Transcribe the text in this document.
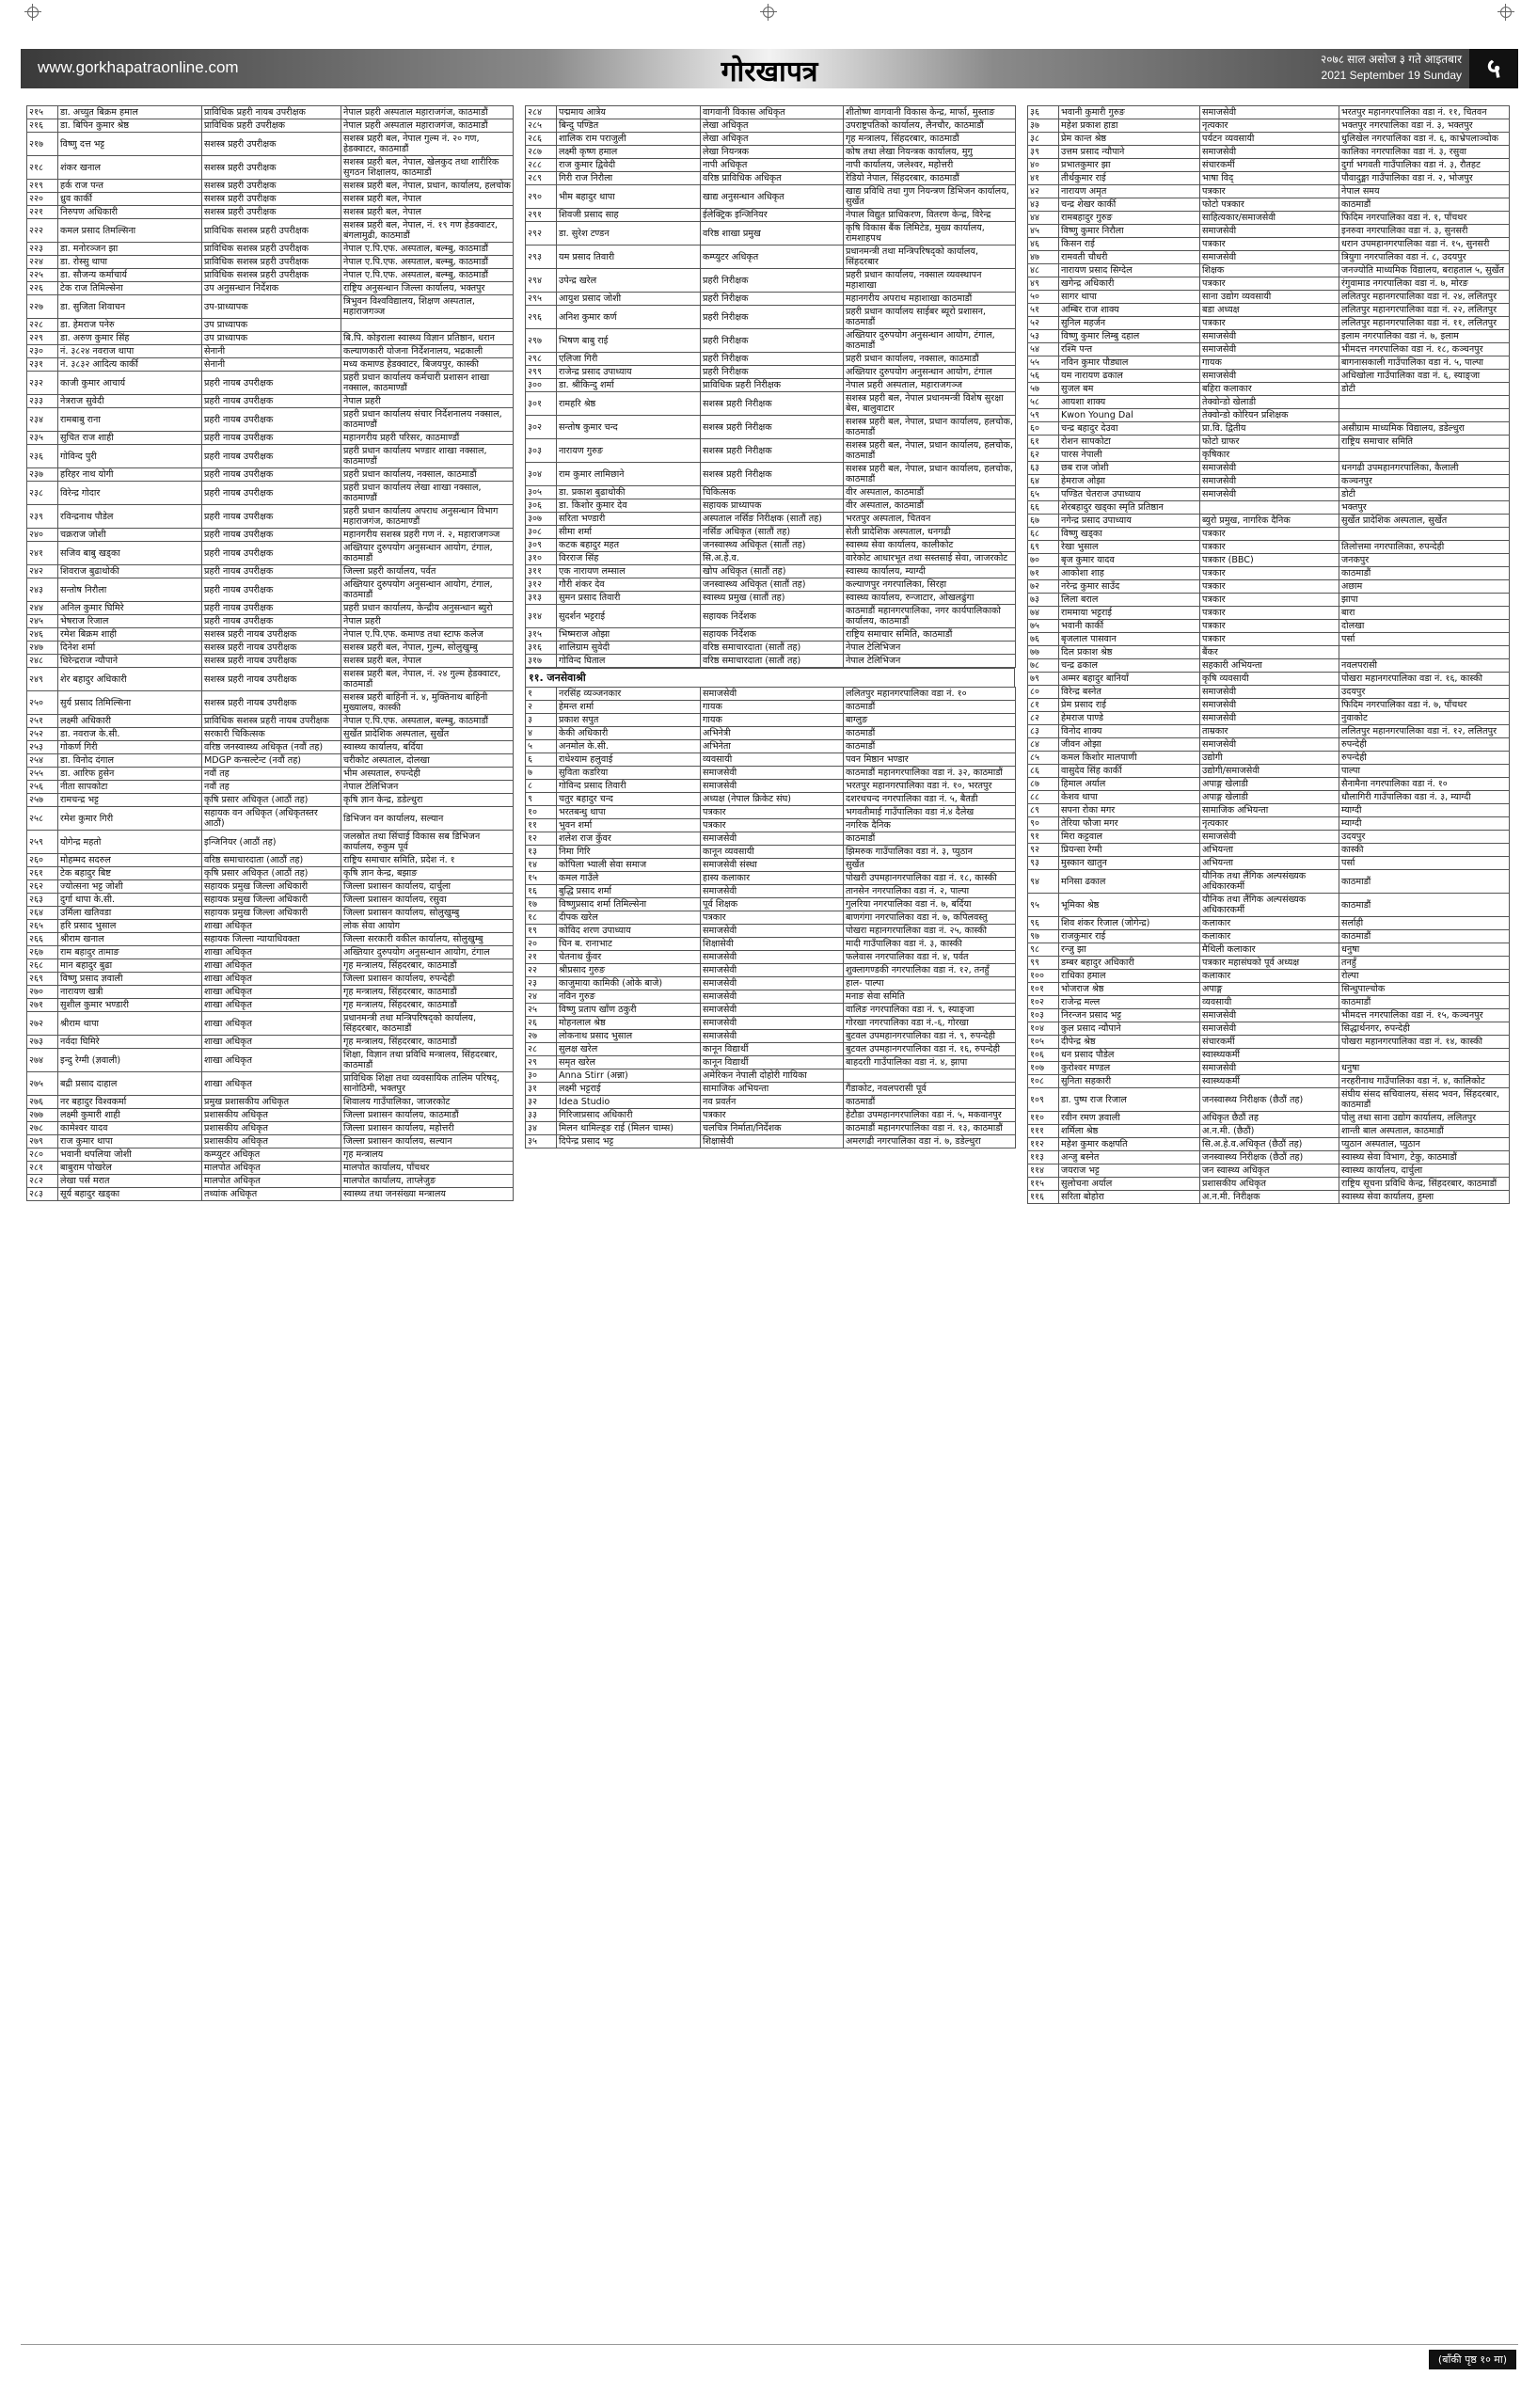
www.gorkhapatraonline.com	गोरखापत्र	२०७८ साल असोज ३ गते आइतबार
2021 September 19 Sunday ५
२१५	डा. अच्युत बिक्रम हमाल	प्राविधिक प्रहरी नायब उपरीक्षक	नेपाल प्रहरी अस्पताल महाराजगंज, काठमाडौं
२१६	डा. बिपिन कुमार श्रेष्ठ	प्राविधिक प्रहरी उपरीक्षक	नेपाल प्रहरी अस्पताल महाराजगंज, काठमाडौं
२१७	विष्णु दत्त भट्ट	सशस्त्र प्रहरी उपरीक्षक	सशस्त्र प्रहरी बल, नेपाल गुल्म नं. २० गण, हेडक्वाटर, काठमाडौं
२१८	शंकर खनाल	सशस्त्र प्रहरी उपरीक्षक	सशस्त्र प्रहरी बल, नेपाल, खेलकुद तथा शारीरिक सुगठन शिक्षालय, काठमाडौं
२१९	हर्क राज पन्त	सशस्त्र प्रहरी उपरीक्षक	सशस्त्र प्रहरी बल, नेपाल, प्रधान, कार्यालय, हलचोक
२२०	ध्रुव कार्की	सशस्त्र प्रहरी उपरीक्षक	सशस्त्र प्रहरी बल, नेपाल
२२१	निरुपण अधिकारी	सशस्त्र प्रहरी उपरीक्षक	सशस्त्र प्रहरी बल, नेपाल
२२२	कमल प्रसाद तिमल्सिना	प्राविधिक सशस्त्र प्रहरी उपरीक्षक	सशस्त्र प्रहरी बल, नेपाल, नं. १९ गण हेडक्वाटर, बंगलामुढी, काठमाडौं
२२३	डा. मनोरञ्जन झा	प्राविधिक सशस्त्र प्रहरी उपरीक्षक	नेपाल ए.पि.एफ. अस्पताल, बल्म्बु, काठमाडौं
२२४	डा. रोस्सु थापा	प्राविधिक सशस्त्र प्रहरी उपरीक्षक	नेपाल ए.पि.एफ. अस्पताल, बल्म्बु, काठमाडौं
२२५	डा. सौजन्य कर्माचार्य	प्राविधिक सशस्त्र प्रहरी उपरीक्षक	नेपाल ए.पि.एफ. अस्पताल, बल्म्बु, काठमाडौं
२२६	टेक राज तिमिल्सेना	उप अनुसन्धान निर्देशक	राष्ट्रिय अनुसन्धान जिल्ला कार्यालय, भक्तपुर
२२७	डा. सुजिता शिवाचन	उप-प्राध्यापक	त्रिभुवन विश्वविद्यालय, शिक्षण अस्पताल, महाराजगञ्ज
२२८	डा. हेमराज पनेरु	उप प्राध्यापक	
२२९	डा. अरुण कुमार सिंह	उप प्राध्यापक	बि.पि. कोइराला स्वास्थ्य विज्ञान प्रतिष्ठान, धरान
२३०	नं. ३८२४ नवराज थापा	सेनानी	कल्याणकारी योजना निर्देशनालय, भद्रकाली
२३१	नं. ३८३२ आदित्य कार्की	सेनानी	मध्य कमाण्ड हेडक्वाटर, बिजयपुर, कास्की
२३२	काजी कुमार आचार्य	प्रहरी नायब उपरीक्षक	प्रहरी प्रधान कार्यालय कर्मचारी प्रशासन शाखा नक्साल, काठमाण्डौं
२३३	नेत्रराज सुवेदी	प्रहरी नायब उपरीक्षक	नेपाल प्रहरी
२३४	रामबाबु राना	प्रहरी नायब उपरीक्षक	प्रहरी प्रधान कार्यालय संचार निर्देशनालय नक्साल, काठमाण्डौं
२३५	सुचित राज शाही	प्रहरी नायब उपरीक्षक	महानगरीय प्रहरी परिसर, काठमाण्डौं
२३६	गोविन्द पुरी	प्रहरी नायब उपरीक्षक	प्रहरी प्रधान कार्यालय भण्डार शाखा नक्साल, काठमाण्डौं
२३७	हरिहर नाथ योगी	प्रहरी नायब उपरीक्षक	प्रहरी प्रधान कार्यालय, नक्साल, काठमाडौं
२३८	विरेन्द्र गोदार	प्रहरी नायब उपरीक्षक	प्रहरी प्रधान कार्यालय लेखा शाखा नक्साल, काठमाण्डौं
२३९	रविन्द्रनाथ पौडेल	प्रहरी नायब उपरीक्षक	प्रहरी प्रधान कार्यालय अपराध अनुसन्धान विभाग महाराजगंज, काठमाण्डौं
२४०	चक्रराज जोशी	प्रहरी नायब उपरीक्षक	महानगरीय सशस्त्र प्रहरी गण नं. २, महाराजगञ्ज
२४१	सजिव बाबु खड्का	प्रहरी नायब उपरीक्षक	अख्तियार दुरुपयोग अनुसन्धान आयोग, टंगाल, काठमाडौं
२४२	शिवराज बुढाथोकी	प्रहरी नायब उपरीक्षक	जिल्ला प्रहरी कार्यालय, पर्वत
२४३	सन्तोष निरौला	प्रहरी नायब उपरीक्षक	अख्तियार दुरुपयोग अनुसन्धान आयोग, टंगाल, काठमाडौं
२४४	अनिल कुमार घिमिरे	प्रहरी नायब उपरीक्षक	प्रहरी प्रधान कार्यालय, केन्द्रीय अनुसन्धान ब्युरो
२४५	भेषराज रिजाल	प्रहरी नायब उपरीक्षक	नेपाल प्रहरी
२४६	रमेश बिक्रम शाही	सशस्त्र प्रहरी नायब उपरीक्षक	नेपाल ए.पि.एफ. कमाण्ड तथा स्टाफ कलेज
२४७	दिनेश शर्मा	सशस्त्र प्रहरी नायब उपरीक्षक	सशस्त्र प्रहरी बल, नेपाल, गुल्म, सोलुखुम्बु
२४८	धिरेन्द्रराज न्यौपाने	सशस्त्र प्रहरी नायब उपरीक्षक	सशस्त्र प्रहरी बल, नेपाल
२४९	शेर बहादुर अधिकारी	सशस्त्र प्रहरी नायब उपरीक्षक	सशस्त्र प्रहरी बल, नेपाल, नं. २४ गुल्म हेडक्वाटर, काठमाडौं
२५०	सुर्य प्रसाद तिमिल्सिना	सशस्त्र प्रहरी नायब उपरीक्षक	सशस्त्र प्रहरी बाहिनी नं. ४, मुक्तिनाथ बाहिनी मुख्यालय, कास्की
२५१	लक्ष्मी अधिकारी	प्राविधिक सशस्त्र प्रहरी नायब उपरीक्षक	नेपाल ए.पि.एफ. अस्पताल, बल्म्बु, काठमाडौं
२५२	डा. नवराज के.सी.	सरकारी चिकित्सक	सुर्खेत प्रादेशिक अस्पताल, सुर्खेत
२५३	गोकर्ण गिरी	वरिष्ठ जनस्वास्थ्य अधिकृत (नवौं तह)	स्वास्थ्य कार्यालय, बर्दिया
२५४	डा. विनोद दंगाल	MDGP कन्सल्टेन्ट (नवौं तह)	चरीकोट अस्पताल, दोलखा
२५५	डा. आरिफ हुसेन	नवौं तह	भीम अस्पताल, रुपन्देही
२५६	नीता सापकोटा	नवौं तह	नेपाल टेलिभिजन
२५७	रामचन्द्र भट्ट	कृषि प्रसार अधिकृत (आठौं तह)	कृषि ज्ञान केन्द्र, डडेल्धुरा
२५८	रमेश कुमार गिरी	सहायक वन अधिकृत (अधिकृतस्तर आठौं)	डिभिजन वन कार्यालय, सल्यान
२५९	योगेन्द्र महतो	इन्जिनियर (आठौं तह)	जलस्रोत तथा सिंचाई विकास सब डिभिजन कार्यालय, रुकुम पूर्व
२६०	मोहम्मद सदरुल	वरिष्ठ समाचारदाता (आठौं तह)	राष्ट्रिय समाचार समिति, प्रदेश नं. १
२६१	टेक बहादुर बिष्ट	कृषि प्रसार अधिकृत (आठौं तह)	कृषि ज्ञान केन्द्र, बझाङ
२६२	ज्योत्सना भट्ट जोशी	सहायक प्रमुख जिल्ला अधिकारी	जिल्ला प्रशासन कार्यालय, दार्चुला
२६३	दुर्गा थापा के.सी.	सहायक प्रमुख जिल्ला अधिकारी	जिल्ला प्रशासन कार्यालय, रसुवा
२६४	उर्मिला खतिवडा	सहायक प्रमुख जिल्ला अधिकारी	जिल्ला प्रशासन कार्यालय, सोलुखुम्बु
२६५	हरि प्रसाद भुसाल	शाखा अधिकृत	लोक सेवा आयोग
२६६	श्रीराम खनाल	सहायक जिल्ला न्यायाधिवक्ता	जिल्ला सरकारी वकील कार्यालय, सोलुखुम्बु
२६७	राम बहादुर तामाङ	शाखा अधिकृत	अख्तियार दुरुपयोग अनुसन्धान आयोग, टंगाल
२६८	मान बहादुर बुढा	शाखा अधिकृत	गृह मन्त्रालय, सिंहदरबार, काठमाडौं
२६९	विष्णु प्रसाद ज्ञवाली	शाखा अधिकृत	जिल्ला प्रशासन कार्यालय, रुपन्देही
२७०	नारायण खत्री	शाखा अधिकृत	गृह मन्त्रालय, सिंहदरबार, काठमाडौं
२७१	सुशील कुमार भण्डारी	शाखा अधिकृत	गृह मन्त्रालय, सिंहदरबार, काठमाडौं
२७२	श्रीराम थापा	शाखा अधिकृत	प्रधानमन्त्री तथा मन्त्रिपरिषद्को कार्यालय, सिंहदरबार, काठमाडौं
२७३	नर्वदा घिमिरे	शाखा अधिकृत	गृह मन्त्रालय, सिंहदरबार, काठमाडौं
२७४	इन्दु रेग्मी (ज्ञवाली)	शाखा अधिकृत	शिक्षा, विज्ञान तथा प्रविधि मन्त्रालय, सिंहदरबार, काठमाडौं
२७५	बद्री प्रसाद दाहाल	शाखा अधिकृत	प्राविधिक शिक्षा तथा व्यवसायिक तालिम परिषद्, सानोठिमी, भक्तपुर
२७६	नर बहादुर विश्वकर्मा	प्रमुख प्रशासकीय अधिकृत	शिवालय गाउँपालिका, जाजरकोट
२७७	लक्ष्मी कुमारी शाही	प्रशासकीय अधिकृत	जिल्ला प्रशासन कार्यालय, काठमाडौं
२७८	कामेश्वर यादव	प्रशासकीय अधिकृत	जिल्ला प्रशासन कार्यालय, महोत्तरी
२७९	राज कुमार थापा	प्रशासकीय अधिकृत	जिल्ला प्रशासन कार्यालय, सल्यान
२८०	भवानी थपलिया जोशी	कम्प्युटर अधिकृत	गृह मन्त्रालय
२८१	बाबुराम पोखरेल	मालपोत अधिकृत	मालपोत कार्यालय, पाँचथर
२८२	लेखा पर्स मरात	मालपोत अधिकृत	मालपोत कार्यालय, ताप्लेजुङ
२८३	सूर्य बहादुर खड्का	तथ्यांक अधिकृत	स्वास्थ्य तथा जनसंख्या मन्त्रालय
२८४	पद्ममाय आत्रेय	वागवानी विकास अधिकृत	शीतोष्ण वागवानी विकास केन्द्र, मार्फा, मुस्ताङ
२८५	बिन्दु पण्डित	लेखा अधिकृत	उपराष्ट्रपतिको कार्यालय, लैनचौर, काठमाडौं
२८६	शालिक राम पराजुली	लेखा अधिकृत	गृह मन्त्रालय, सिंहदरबार, काठमाडौं
२८७	लक्ष्मी कृष्ण हमाल	लेखा नियन्त्रक	कोष तथा लेखा नियन्त्रक कार्यालय, मुगु
२८८	राज कुमार द्विवेदी	नापी अधिकृत	नापी कार्यालय, जलेश्वर, महोत्तरी
२८९	गिरी राज निरौला	वरिष्ठ प्राविधिक अधिकृत	रेडियो नेपाल, सिंहदरबार, काठमाडौं
२९०	भीम बहादुर थापा	खाद्य अनुसन्धान अधिकृत	खाद्य प्रविधि तथा गुण नियन्त्रण डिभिजन कार्यालय, सुर्खेत
२९१	शिवजी प्रसाद साह	ईलेक्ट्रिक इन्जिनियर	नेपाल विद्युत प्राधिकरण, वितरण केन्द्र, विरेन्द्र
२९२	डा. सुरेश टण्डन	वरिष्ठ शाखा प्रमुख	कृषि विकास बैंक लिमिटेड, मुख्य कार्यालय, रामशाहपथ
२९३	यम प्रसाद तिवारी	कम्प्युटर अधिकृत	प्रधानमन्त्री तथा मन्त्रिपरिषद्को कार्यालय, सिंहदरबार
२९४	उपेन्द्र खरेल	प्रहरी निरीक्षक	प्रहरी प्रधान कार्यालय, नक्साल व्यवस्थापन महाशाखा
२९५	आयुश प्रसाद जोशी	प्रहरी निरीक्षक	महानगरीय अपराध महाशाखा काठमाडौं
२९६	अनिश कुमार कर्ण	प्रहरी निरीक्षक	प्रहरी प्रधान कार्यालय साईबर ब्यूरो प्रशासन, काठमाडौं
२९७	भिषण बाबु राई	प्रहरी निरीक्षक	अख्तियार दुरुपयोग अनुसन्धान आयोग, टंगाल, काठमाडौं
२९८	एलिजा गिरी	प्रहरी निरीक्षक	प्रहरी प्रधान कार्यालय, नक्साल, काठमाडौं
२९९	राजेन्द्र प्रसाद उपाध्याय	प्रहरी निरीक्षक	अख्तियार दुरुपयोग अनुसन्धान आयोग, टंगाल
३००	डा. श्रीकिन्दु शर्मा	प्राविधिक प्रहरी निरीक्षक	नेपाल प्रहरी अस्पताल, महाराजगञ्ज
३०१	रामहरि श्रेष्ठ	सशस्त्र प्रहरी निरीक्षक	सशस्त्र प्रहरी बल, नेपाल प्रधानमन्त्री विशेष सुरक्षा बेस, बालुवाटार
३०२	सन्तोष कुमार चन्द	सशस्त्र प्रहरी निरीक्षक	सशस्त्र प्रहरी बल, नेपाल, प्रधान कार्यालय, हलचोक, काठमाडौं
३०३	नारायण गुरुङ	सशस्त्र प्रहरी निरीक्षक	सशस्त्र प्रहरी बल, नेपाल, प्रधान कार्यालय, हलचोक, काठमाडौं
३०४	राम कुमार लामिछाने	सशस्त्र प्रहरी निरीक्षक	सशस्त्र प्रहरी बल, नेपाल, प्रधान कार्यालय, हलचोक, काठमाडौं
३०५	डा. प्रकाश बुढाथोकी	चिकित्सक	वीर अस्पताल, काठमाडौं
३०६	डा. किशोर कुमार देव	सहायक प्राध्यापक	वीर अस्पताल, काठमाडौं
३०७	सरिता भण्डारी	अस्पताल नर्सिङ निरीक्षक (सातौं तह)	भरतपुर अस्पताल, चितवन
३०८	सीमा शर्मा	नर्सिङ अधिकृत (सातौं तह)	सेती प्रादेशिक अस्पताल, धनगढी
३०९	कटक बहादुर महत	जनस्वास्थ्य अधिकृत (सातौं तह)	स्वास्थ्य सेवा कार्यालय, कालीकोट
३१०	विरराज सिंह	सि.अ.हे.व.	वारेकोट आधारभूत तथा सस्तसाई सेवा, जाजरकोट
३११	एक नारायण लम्साल	खोप अधिकृत (सातौं तह)	स्वास्थ्य कार्यालय, म्याग्दी
३१२	गौरी शंकर देव	जनस्वास्थ्य अधिकृत (सातौं तह)	कल्याणपुर नगरपालिका, सिरहा
३१३	सुमन प्रसाद तिवारी	स्वास्थ्य प्रमुख (सातौं तह)	स्वास्थ्य कार्यालय, रुन्जाटार, ओखलढुंगा
३१४	सुदर्शन भट्टराई	सहायक निर्देशक	काठमाडौं महानगरपालिका, नगर कार्यपालिकाको कार्यालय, काठमाडौं
३१५	भिष्मराज ओझा	सहायक निर्देशक	राष्ट्रिय समाचार समिति, काठमाडौं
३१६	शालिग्राम सुवेदी	वरिष्ठ समाचारदाता (सातौं तह)	नेपाल टेलिभिजन
३१७	गोविन्द घिताल	वरिष्ठ समाचारदाता (सातौं तह)	नेपाल टेलिभिजन
११. जनसेवाश्री
१	नरसिंह व्यञ्जनकार	समाजसेवी	ललितपुर महानगरपालिका वडा नं. १०
२	हेमन्त शर्मा	गायक	काठमाडौं
३	प्रकाश सपुत	गायक	बाग्लुङ
४	केकी अधिकारी	अभिनेत्री	काठमाडौं
५	अनमोल के.सी.	अभिनेता	काठमाडौं
६	राधेश्याम हलुवाई	व्यवसायी	पवन मिष्ठान भण्डार
७	सुविता कडरिया	समाजसेवी	काठमाडौं महानगरपालिका वडा नं. ३२, काठमाडौं
८	गोविन्द प्रसाद तिवारी	समाजसेवी	भरतपुर महानगरपालिका वडा नं. १०, भरतपुर
९	चतुर बहादुर चन्द	अध्यक्ष (नेपाल क्रिकेट संघ)	दशरथचन्द नगरपालिका वडा नं. ५, बैतडी
१०	भरतबन्धु थापा	पत्रकार	भगवतीमाई गाउँपालिका वडा नं.४ दैलेख
११	भुवन शर्मा	पत्रकार	नगरिक दैनिक
१२	शलेश राज कुँवर	समाजसेवी	काठमाडौं
१३	निमा गिरि	कानून व्यवसायी	झिमरुक गाउँपालिका वडा नं. ३, प्युठान
१४	कोपिला भ्याली सेवा समाज	समाजसेवी संस्था	सुर्खेत
१५	कमल गाउँले	हास्य कलाकार	पोखरी उपमहानगरपालिका वडा नं. १८, कास्की
१६	बुद्धि प्रसाद शर्मा	समाजसेवी	तानसेन नगरपालिका वडा नं. २, पाल्पा
१७	विष्णुप्रसाद शर्मा तिमिल्सेना	पूर्व शिक्षक	गुलरिया नगरपालिका वडा नं. ७, बर्दिया
१८	दीपक खरेल	पत्रकार	बाणगंगा नगरपालिका वडा नं. ७, कपिलवस्तु
१९	कोविद शरण उपाध्याय	समाजसेवी	पोखरा महानगरपालिका वडा नं. २५, कास्की
२०	चिन ब. रानाभाट	शिक्षासेवी	मादी गाउँपालिका वडा नं. ३, कास्की
२१	चेतनाथ कुँवर	समाजसेवी	फलेवास नगरपालिका वडा नं. ४, पर्वत
२२	श्रीप्रसाद गुरुङ	समाजसेवी	शुक्लागण्डकी नगरपालिका वडा नं. १२, तनहुँ
२३	काजुमाया कामिकी (ओके बाजे)	समाजसेवी	हाल- पाल्पा
२४	नविन गुरुङ	समाजसेवी	मनाङ सेवा समिति
२५	विष्णु प्रताप खाँण ठकुरी	समाजसेवी	वालिङ नगरपालिका वडा नं. ९, स्याङ्जा
२६	मोहनलाल श्रेष्ठ	समाजसेवी	गोरखा नगरपालिका वडा नं.-६, गोरखा
२७	लोकनाथ प्रसाद भुसाल	समाजसेवी	बुटवल उपमहानगरपालिका वडा नं. ९, रुपन्देही
२८	सुलक्ष खरेल	कानून विद्यार्थी	बुटवल उपमहानगरपालिका वडा नं. १६, रुपन्देही
२९	समृत खरेल	कानून विद्यार्थी	बाहदराी गाउँपालिका वडा नं. ४, झापा
३०	Anna Stirr (अन्ना)	अमेरिकन नेपाली दोहोरी गायिका	
३१	लक्ष्मी भट्टराई	सामाजिक अभियन्ता	गैंडाकोट, नवलपरासी पूर्व
३२	Idea Studio	नव प्रवर्तन	काठमाडौं
३३	गिरिजाप्रसाद अधिकारी	पत्रकार	हेटौडा उपमहानगरपालिका वडा नं. ५, मकवानपुर
३४	मिलन थामिल्ड्ङ राई (मिलन चाम्स)	चलचित्र निर्माता/निर्देशक	काठमाडौं महानगरपालिका वडा नं. १३, काठमाडौं
३५	दिपेन्द्र प्रसाद भट्ट	शिक्षासेवी	अमरगढी नगरपालिका वडा नं. ७, डडेल्धुरा
३६	भवानी कुमारी गुरुङ	समाजसेवी	भरतपुर महानगरपालिका वडा नं. ११, चितवन
३७	महेश प्रकाश हाडा	नृत्यकार	भक्तपुर नगरपालिका वडा नं. ३, भक्तपुर
३८	प्रेम कान्त श्रेष्ठ	पर्यटन व्यवसायी	धुलिखेल नगरपालिका वडा नं. ६, काभ्रेपलाञ्चोक
३९	उत्तम प्रसाद न्यौपाने	समाजसेवी	कालिका नगरपालिका वडा नं. ३, रसुवा
४०	प्रभातकुमार झा	संचारकर्मी	दुर्गा भगवती गाउँपालिका वडा नं. ३, रौतहट
४१	तीर्थकुमार राई	भाषा विद्	पौवादुङ्मा गाउँपालिका वडा नं. २, भोजपुर
४२	नारायण अमृत	पत्रकार	नेपाल समय
४३	चन्द्र शेखर कार्की	फोटो पत्रकार	काठमाडौं
४४	रामबहादुर गुरुङ	साहित्यकार/समाजसेवी	फिदिम नगरपालिका वडा नं. १, पाँचथर
४५	विष्णु कुमार निरौला	समाजसेवी	इनरुवा नगरपालिका वडा नं. ३, सुनसरी
४६	किसन राई	पत्रकार	धरान उपमहानगरपालिका वडा नं. १५, सुनसरी
४७	रामवती चौधरी	समाजसेवी	त्रियुगा नगरपालिका वडा नं. ८, उदयपुर
४८	नारायण प्रसाद सिग्देल	शिक्षक	जनज्योति माध्यमिक विद्यालय, बराहताल ५, सुर्खेत
४९	खगेन्द्र अधिकारी	पत्रकार	रंगुवामाड नगरपालिका वडा नं. ७, मोरङ
५०	सागर थापा	साना उद्योग व्यवसायी	ललितपुर महानगरपालिका वडा नं. २४, ललितपुर
५१	अम्बिर राज शाक्य	बडा अध्यक्ष	ललितपुर महानगरपालिका वडा नं. २२, ललितपुर
५२	सुनिल महर्जन	पत्रकार	ललितपुर महानगरपालिका वडा नं. ११, ललितपुर
५३	विष्णु कुमार लिम्बु दहाल	समाजसेवी	इलाम नगरपालिका वडा नं. ७, इलाम
५४	रश्मि पन्त	समाजसेवी	भीमदत्त नगरपालिका वडा नं. १८, कञ्चनपुर
५५	नविन कुमार पौड्याल	गायक	बागनासकाली गाउँपालिका वडा नं. ५, पाल्पा
५६	यम नारायण ढकाल	समाजसेवी	अधिखोला गाउँपालिका वडा नं. ६, स्याङ्जा
५७	सुजल बम	बहिरा कलाकार	डोटी
५८	आयशा शाक्य	तेक्वोन्डो खेलाडी	
५९	Kwon Young Dal	तेक्वोन्डो कोरियन प्रशिक्षक	
६०	चन्द्र बहादुर देउवा	प्रा.वि. द्वितीय	असीग्राम माध्यमिक विद्यालय, डडेल्धुरा
६१	रोशन सापकोटा	फोटो ग्राफर	राष्ट्रिय समाचार समिति
६२	पारस नेपाली	कृषिकार	
६३	छब राज जोशी	समाजसेवी	धनगढी उपमहानगरपालिका, कैलाली
६४	हेमराज ओझा	समाजसेवी	कञ्चनपुर
६५	पण्डित चेतराज उपाध्याय	समाजसेवी	डोटी
६६	शेरबहादुर खड्का स्मृति प्रतिष्ठान		भक्तपुर
६७	नगेन्द्र प्रसाद उपाध्याय	ब्युरो प्रमुख, नागरिक दैनिक	सुर्खेत प्रादेशिक अस्पताल, सुर्खेत
६८	विष्णु खड्का	पत्रकार	
६९	रेखा भुसाल	पत्रकार	तिलोत्तमा नगरपालिका, रुपन्देही
७०	बृज कुमार यादव	पत्रकार (BBC)	जनकपुर
७१	आकोशा शाह	पत्रकार	काठमाडौं
७२	नरेन्द्र कुमार साउँद	पत्रकार	अछाम
७३	लिला बराल	पत्रकार	झापा
७४	राममाया भट्टराई	पत्रकार	बारा
७५	भवानी कार्की	पत्रकार	दोलखा
७६	बृजलाल पासवान	पत्रकार	पर्सा
७७	दिल प्रकाश श्रेष्ठ	बैंकर	
७८	चन्द्र ढकाल	सहकारी अभियन्ता	नवलपरासी
७९	अम्मर बहादुर बानियाँ	कृषि व्यवसायी	पोखरा महानगरपालिका वडा नं. १६, कास्की
८०	विरेन्द्र बस्नेत	समाजसेवी	उदयपुर
८१	प्रेम प्रसाद राई	समाजसेवी	फिदिम नगरपालिका वडा नं. ७, पाँचथर
८२	हेमराज पाण्डे	समाजसेवी	नुवाकोट
८३	विनोद शाक्य	ताम्रकार	ललितपुर महानगरपालिका वडा नं. १२, ललितपुर
८४	जीवन ओझा	समाजसेवी	रुपन्देही
८५	कमल किशोर मालपाणी	उद्योगी	रुपन्देही
८६	वासुदेव सिंह कार्की	उद्योगी/समाजसेवी	पाल्पा
८७	हिमाल अर्याल	अपाङ्ग खेलाडी	सैनामैना नगरपालिका वडा नं. १०
८८	केशव थापा	अपाङ्ग खेलाडी	धौलागिरी गाउँपालिका वडा नं. ३, म्याग्दी
८९	सपना रोका मगर	सामाजिक अभियन्ता	म्याग्दी
९०	तेरिया फौजा मगर	नृत्यकार	म्याग्दी
९१	मिरा कट्टवाल	समाजसेवी	उदयपुर
९२	प्रियन्सा रेग्मी	अभियन्ता	कास्की
९३	मुस्कान खातुन	अभियन्ता	पर्सा
९४	मनिसा ढकाल	यौनिक तथा लैंगिक अल्पसंख्यक अधिकारकर्मी	काठमाडौं
९५	भूमिका श्रेष्ठ	यौनिक तथा लैंगिक अल्पसंख्यक अधिकारकर्मी	काठमाडौं
९६	शिव शंकर रिजाल (जोगेन्द्र)	कलाकार	सर्लाही
९७	राजकुमार राई	कलाकार	काठमाडौं
९८	रन्जु झा	मैथिली कलाकार	धनुषा
९९	डम्बर बहादुर अधिकारी	पत्रकार महासंघको पूर्व अध्यक्ष	तनहुँ
१००	राधिका हमाल	कलाकार	रोल्पा
१०१	भोजराज श्रेष्ठ	अपाङ्ग	सिन्धुपाल्चोक
१०२	राजेन्द्र मल्ल	व्यवसायी	काठमाडौं
१०३	निरन्जन प्रसाद भट्ट	समाजसेवी	भीमदत्त नगरपालिका वडा नं. १५, कञ्चनपुर
१०४	कुल प्रसाद न्यौपाने	समाजसेवी	सिद्धार्थनगर, रुपन्देही
१०५	दीपेन्द्र श्रेष्ठ	संचारकर्मी	पोखरा महानगरपालिका वडा नं. १४, कास्की
१०६	धन प्रसाद पौडेल	स्वास्थ्यकर्मी	
१०७	कुरोश्वर मण्डल	समाजसेवी	धनुषा
१०८	सुनिता सहकारी	स्वास्थ्यकर्मी	नरहरीनाथ गाउँपालिका वडा नं. ४, कालिकोट
१०९	डा. पुष्प राज रिजाल	जनस्वास्थ्य निरीक्षक (छैठौं तह)	संघीय संसद सचिवालय, संसद भवन, सिंहदरबार, काठमाडौं
११०	रवीन रमण ज्ञवाली	अधिकृत छैठौं तह	पोलु तथा साना उद्योग कार्यालय, ललितपुर
१११	शर्मिला श्रेष्ठ	अ.न.मी. (छैठौं)	शान्ती बाल अस्पताल, काठमाडौं
११२	महेश कुमार कक्षपति	सि.अ.हे.व.अधिकृत (छैठौं तह)	प्युठान अस्पताल, प्युठान
११३	अन्जु बस्नेत	जनस्वास्थ्य निरीक्षक (छैठौं तह)	स्वास्थ्य सेवा विभाग, टेकु, काठमाडौं
११४	जयराज भट्ट	जन स्वास्थ्य अधिकृत	स्वास्थ्य कार्यालय, दार्चुला
११५	सुलोचना अर्याल	प्रशासकीय अधिकृत	राष्ट्रिय सूचना प्रविधि केन्द्र, सिंहदरबार, काठमाडौं
११६	सरिता बोहोरा	अ.न.मी. निरीक्षक	स्वास्थ्य सेवा कार्यालय, हुम्ला
(बाँकी पृष्ठ १० मा)
